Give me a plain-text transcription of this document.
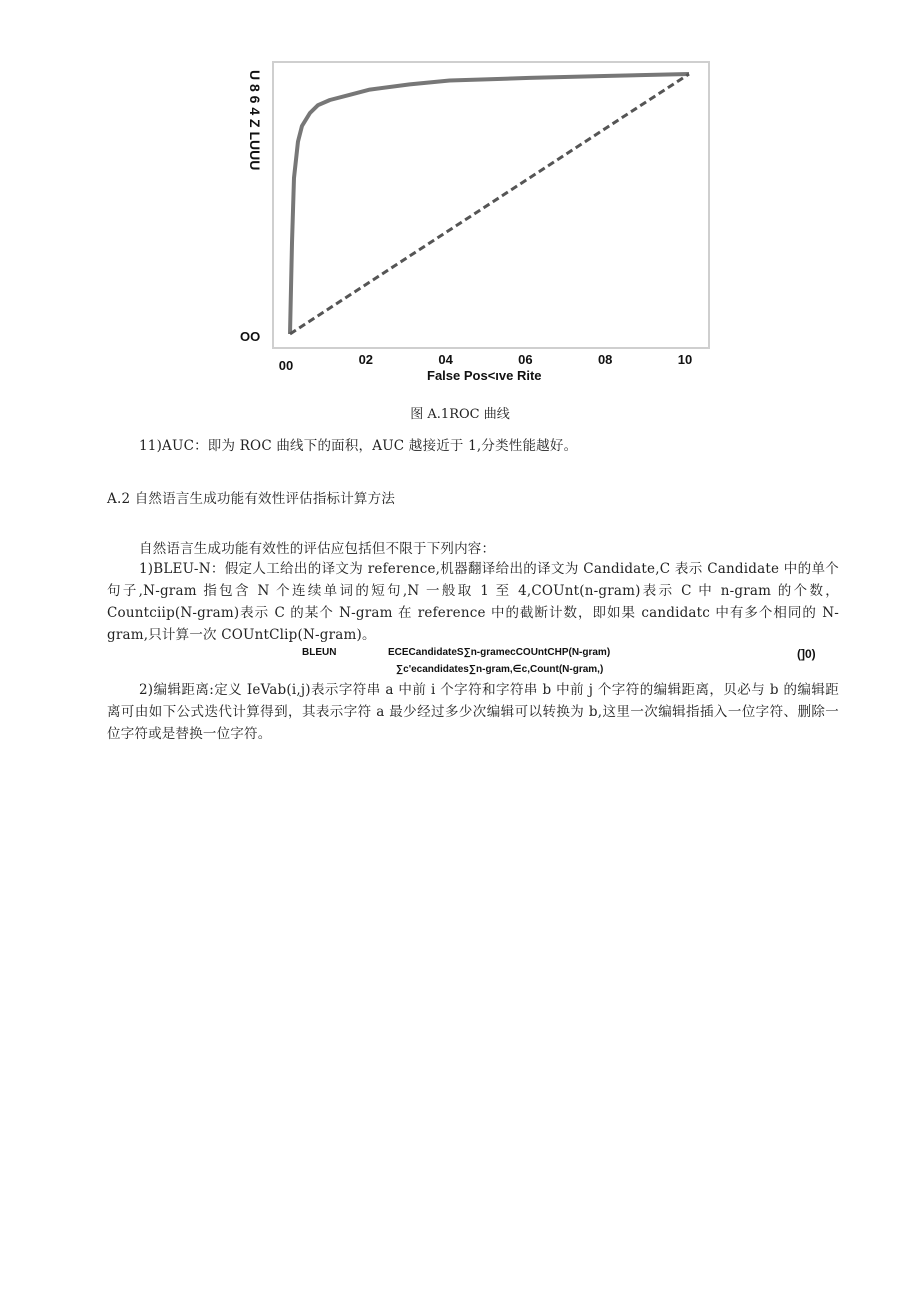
U 8 6 4 Z LUUU
OO
00	02	04	06	08	10
False Pos<ıve Rite
图 A.1ROC 曲线
11)AUC：即为 ROC 曲线下的面积，AUC 越接近于 1,分类性能越好。
A.2 自然语言生成功能有效性评估指标计算方法
自然语言生成功能有效性的评估应包括但不限于下列内容：
1)BLEU-N：假定人工给出的译文为 reference,机器翻译给出的译文为 Candidate,C 表示 Candidate 中的单个句子,N-gram 指包含 N 个连续单词的短句,N 一般取 1 至 4,COUnt(n-gram)表示 C 中 n-gram 的个数，Countciip(N-gram)表示 C 的某个 N-gram 在 reference 中的截断计数，即如果 candidatc 中有多个相同的 N-gram,只计算一次 COUntClip(N-gram)。
BLEUN	ECECandidateS∑n-gramecCOUntCHP(N-gram)
∑c'ecandidates∑n-gram,∈c,Count(N-gram,)
(]0)
2)编辑距离:定义 IeVab(i,j)表示字符串 a 中前 i 个字符和字符串 b 中前 j 个字符的编辑距离，贝必与 b 的编辑距离可由如下公式迭代计算得到，其表示字符 a 最少经过多少次编辑可以转换为 b,这里一次编辑指插入一位字符、删除一位字符或是替换一位字符。
